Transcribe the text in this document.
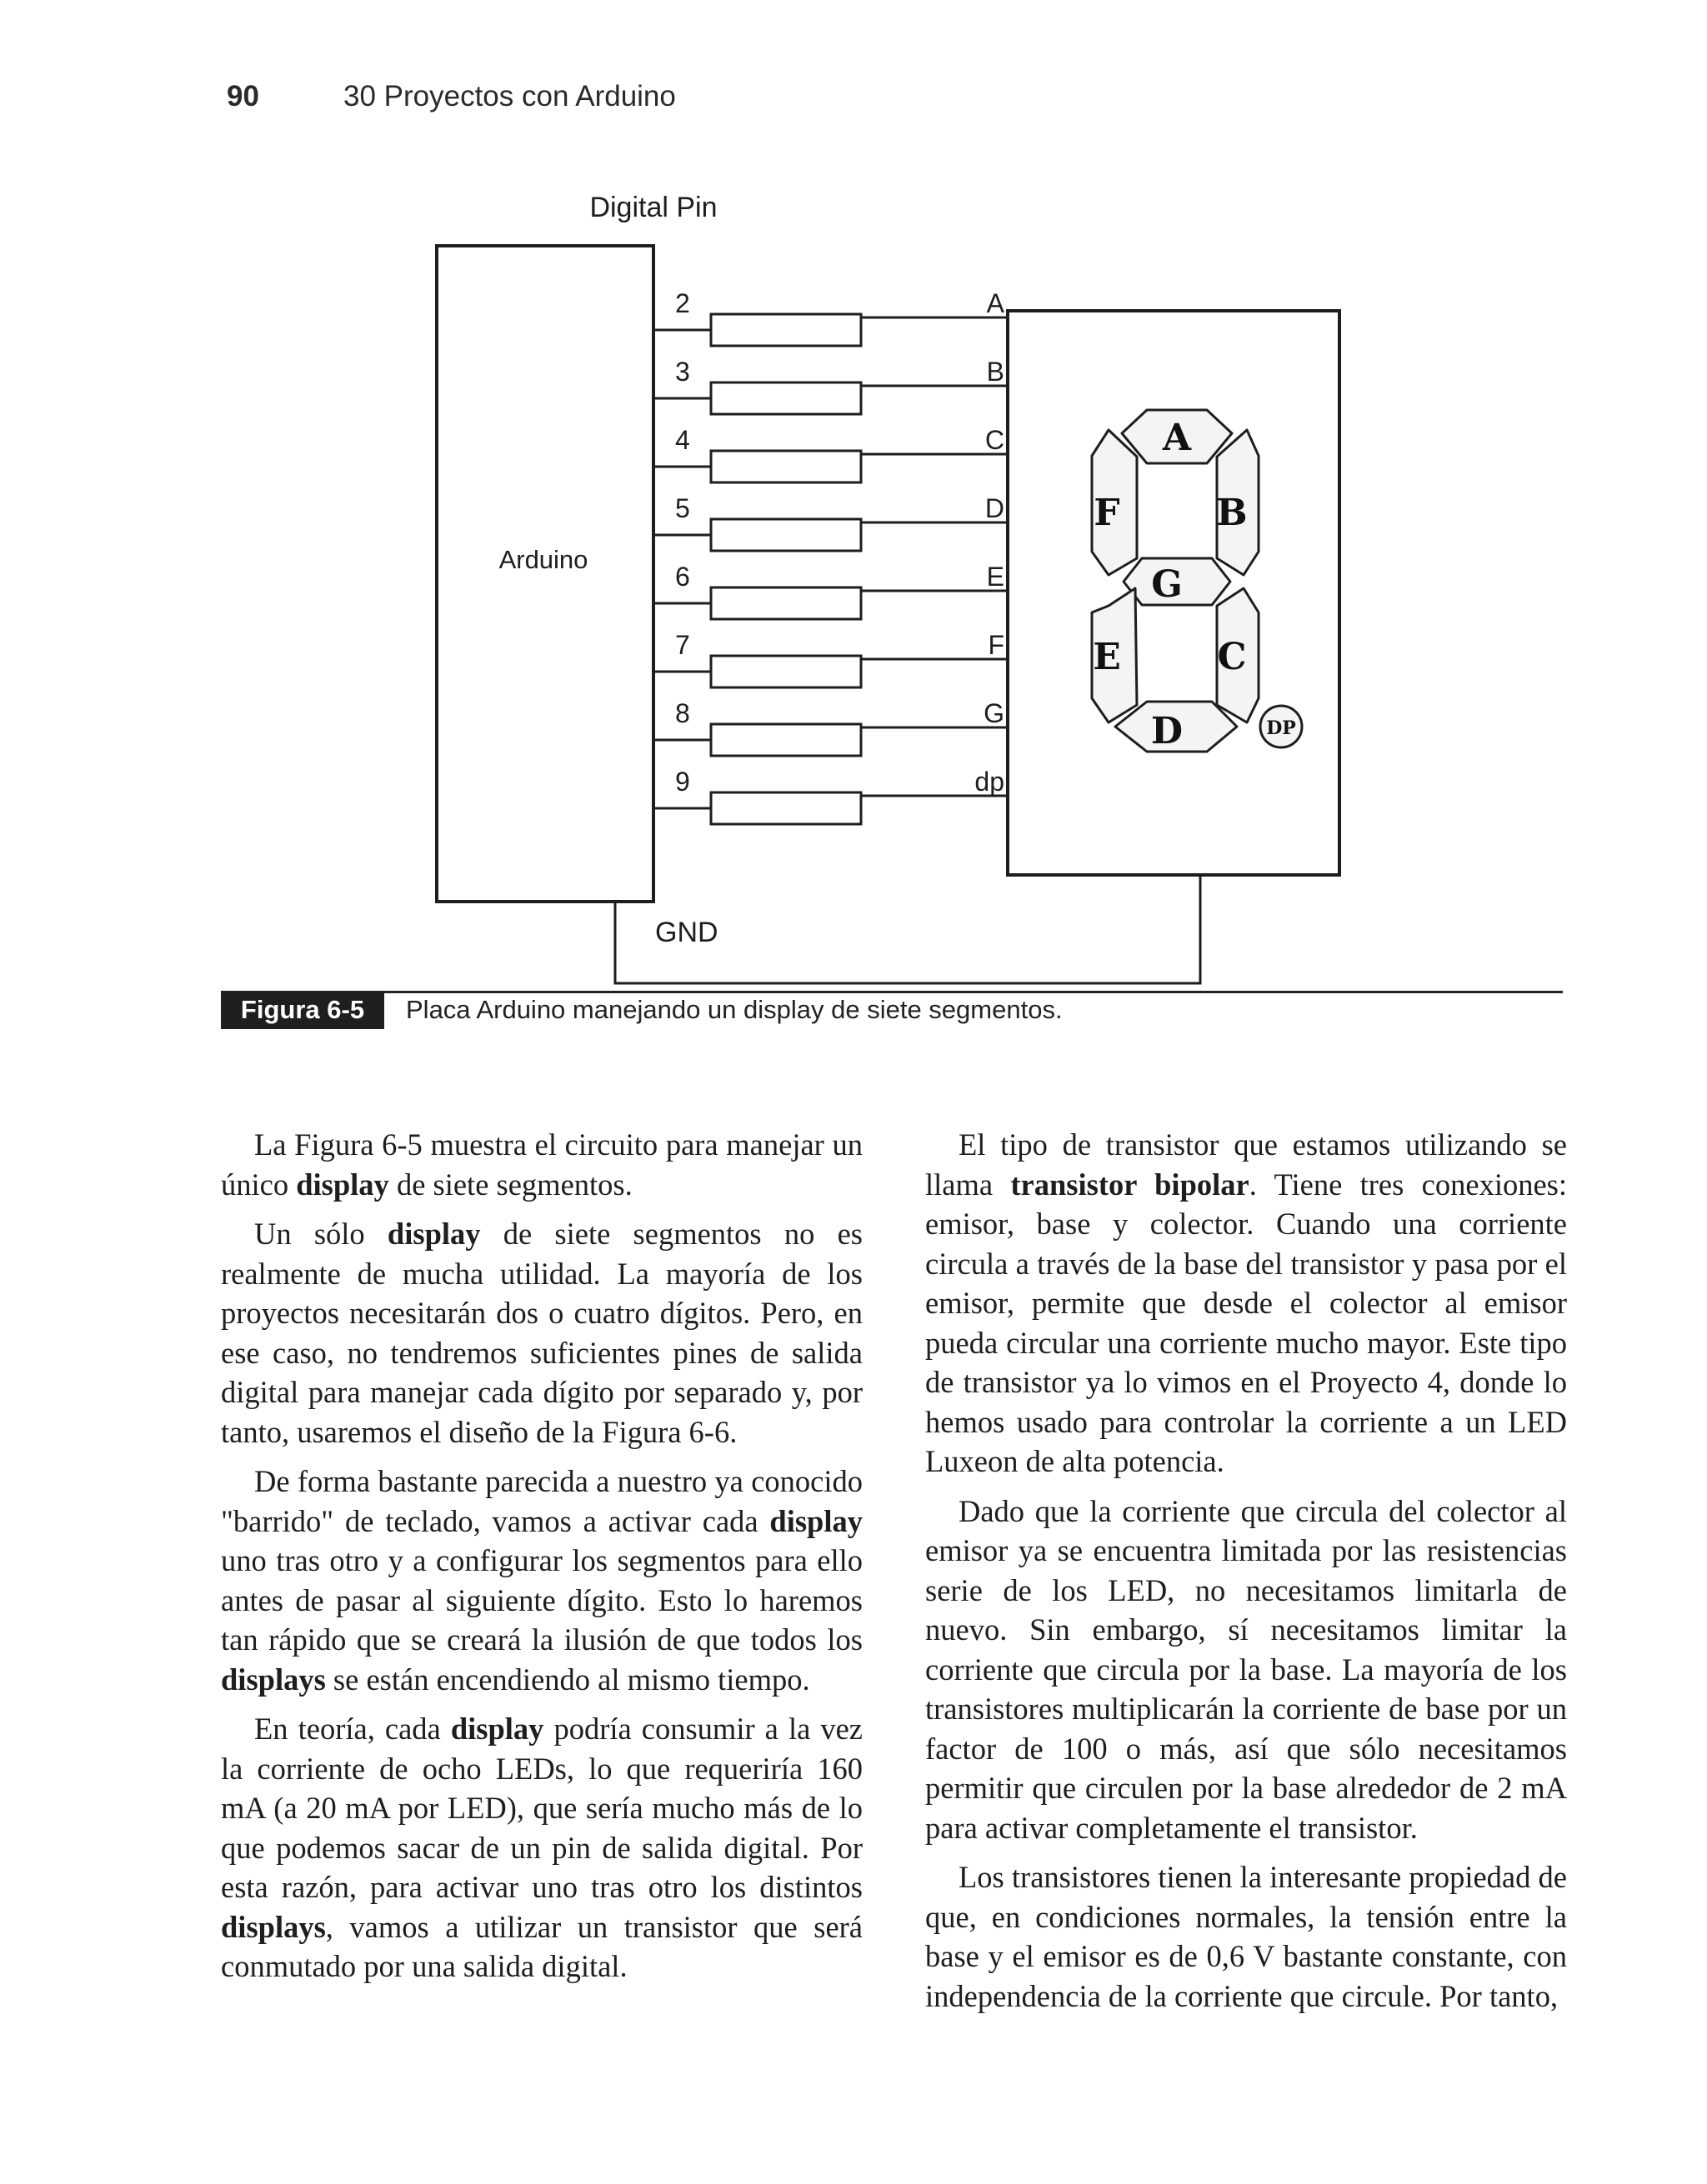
90	30 Proyectos con Arduino
Digital Pin
Arduino
GND
2	A
3	B
4	C
5	D
6	E
7	F
8	G
9	dp
A
B
G
C
D
E
F
DP
Figura 6-5	Placa Arduino manejando un display de siete segmentos.

La Figura 6-5 muestra el circuito para manejar un único display de siete segmentos.

Un sólo display de siete segmentos no es realmente de mucha utilidad. La mayoría de los proyectos necesitarán dos o cuatro dígitos. Pero, en ese caso, no tendremos suficientes pines de salida digital para manejar cada dígito por separado y, por tanto, usaremos el diseño de la Figura 6-6.

De forma bastante parecida a nuestro ya conocido "barrido" de teclado, vamos a activar cada display uno tras otro y a configurar los segmentos para ello antes de pasar al siguiente dígito. Esto lo haremos tan rápido que se creará la ilusión de que todos los displays se están encendiendo al mismo tiempo.

En teoría, cada display podría consumir a la vez la corriente de ocho LEDs, lo que requeriría 160 mA (a 20 mA por LED), que sería mucho más de lo que podemos sacar de un pin de salida digital. Por esta razón, para activar uno tras otro los distintos displays, vamos a utilizar un transistor que será conmutado por una salida digital.

El tipo de transistor que estamos utilizando se llama transistor bipolar. Tiene tres conexiones: emisor, base y colector. Cuando una corriente circula a través de la base del transistor y pasa por el emisor, permite que desde el colector al emisor pueda circular una corriente mucho mayor. Este tipo de transistor ya lo vimos en el Proyecto 4, donde lo hemos usado para controlar la corriente a un LED Luxeon de alta potencia.

Dado que la corriente que circula del colector al emisor ya se encuentra limitada por las resistencias serie de los LED, no necesitamos limitarla de nuevo. Sin embargo, sí necesitamos limitar la corriente que circula por la base. La mayoría de los transistores multiplicarán la corriente de base por un factor de 100 o más, así que sólo necesitamos permitir que circulen por la base alrededor de 2 mA para activar completamente el transistor.

Los transistores tienen la interesante propiedad de que, en condiciones normales, la tensión entre la base y el emisor es de 0,6 V bastante constante, con independencia de la corriente que circule. Por tanto,
